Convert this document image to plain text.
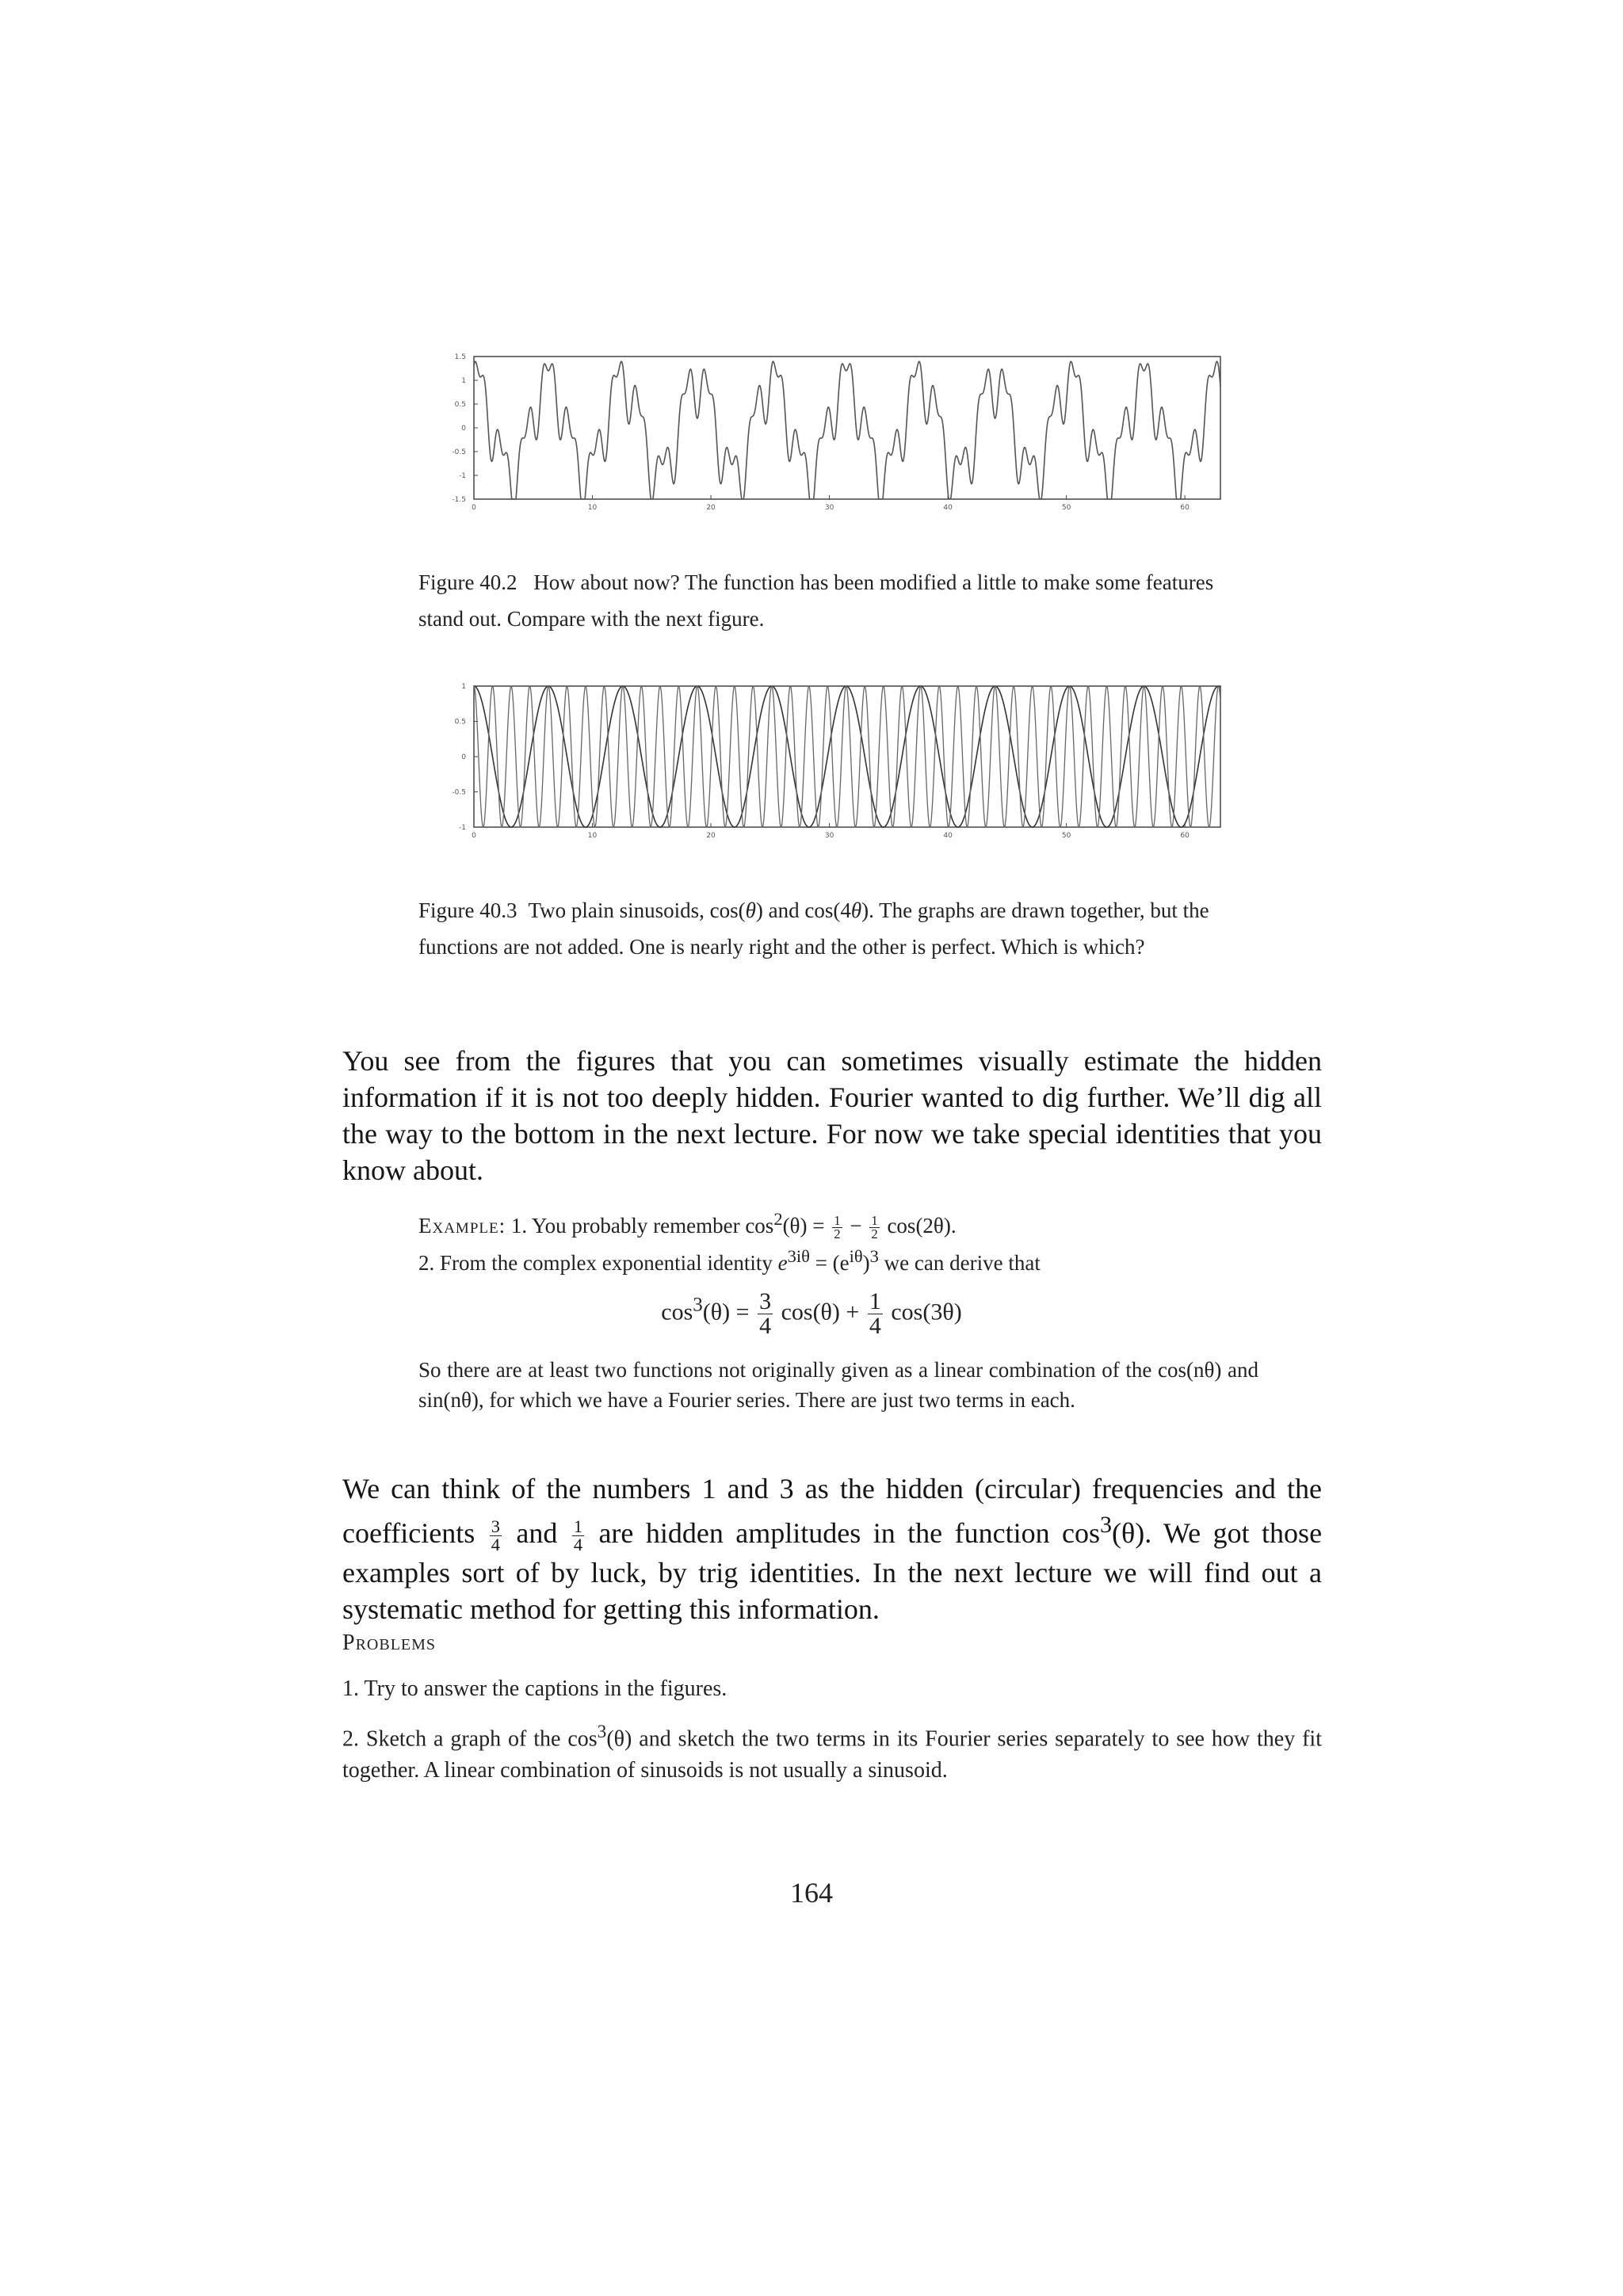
0	10	20	30	40	50	60
-1.5
-1
-0.5
0
0.5
1
1.5
Figure 40.2 How about now? The function has been modified a little to make some features stand out. Compare with the next figure.
0	10	20	30	40	50	60
-1
-0.5
0
0.5
1
Figure 40.3 Two plain sinusoids, cos(θ) and cos(4θ). The graphs are drawn together, but the functions are not added. One is nearly right and the other is perfect. Which is which?
You see from the figures that you can sometimes visually estimate the hidden information if it is not too deeply hidden. Fourier wanted to dig further. We’ll dig all the way to the bottom in the next lecture. For now we take special identities that you know about.
Example: 1. You probably remember $\cos^2(\theta) = \frac{1}{2} - \frac{1}{2} \cos(2\theta)$.
2. From the complex exponential identity $e^{3i\theta} = (e^{i\theta})^3$ we can derive that
$\cos^3(\theta) = \frac{3}{4} \cos(\theta) + \frac{1}{4} \cos(3\theta)$
So there are at least two functions not originally given as a linear combination of the cos(nθ) and sin(nθ), for which we have a Fourier series. There are just two terms in each.
We can think of the numbers 1 and 3 as the hidden (circular) frequencies and the coefficients $\frac{3}{4}$ and $\frac{1}{4}$ are hidden amplitudes in the function $\cos^3(\theta)$. We got those examples sort of by luck, by trig identities. In the next lecture we will find out a systematic method for getting this information.
Problems
1. Try to answer the captions in the figures.
2. Sketch a graph of the $\cos^3(\theta)$ and sketch the two terms in its Fourier series separately to see how they fit together. A linear combination of sinusoids is not usually a sinusoid.
164
